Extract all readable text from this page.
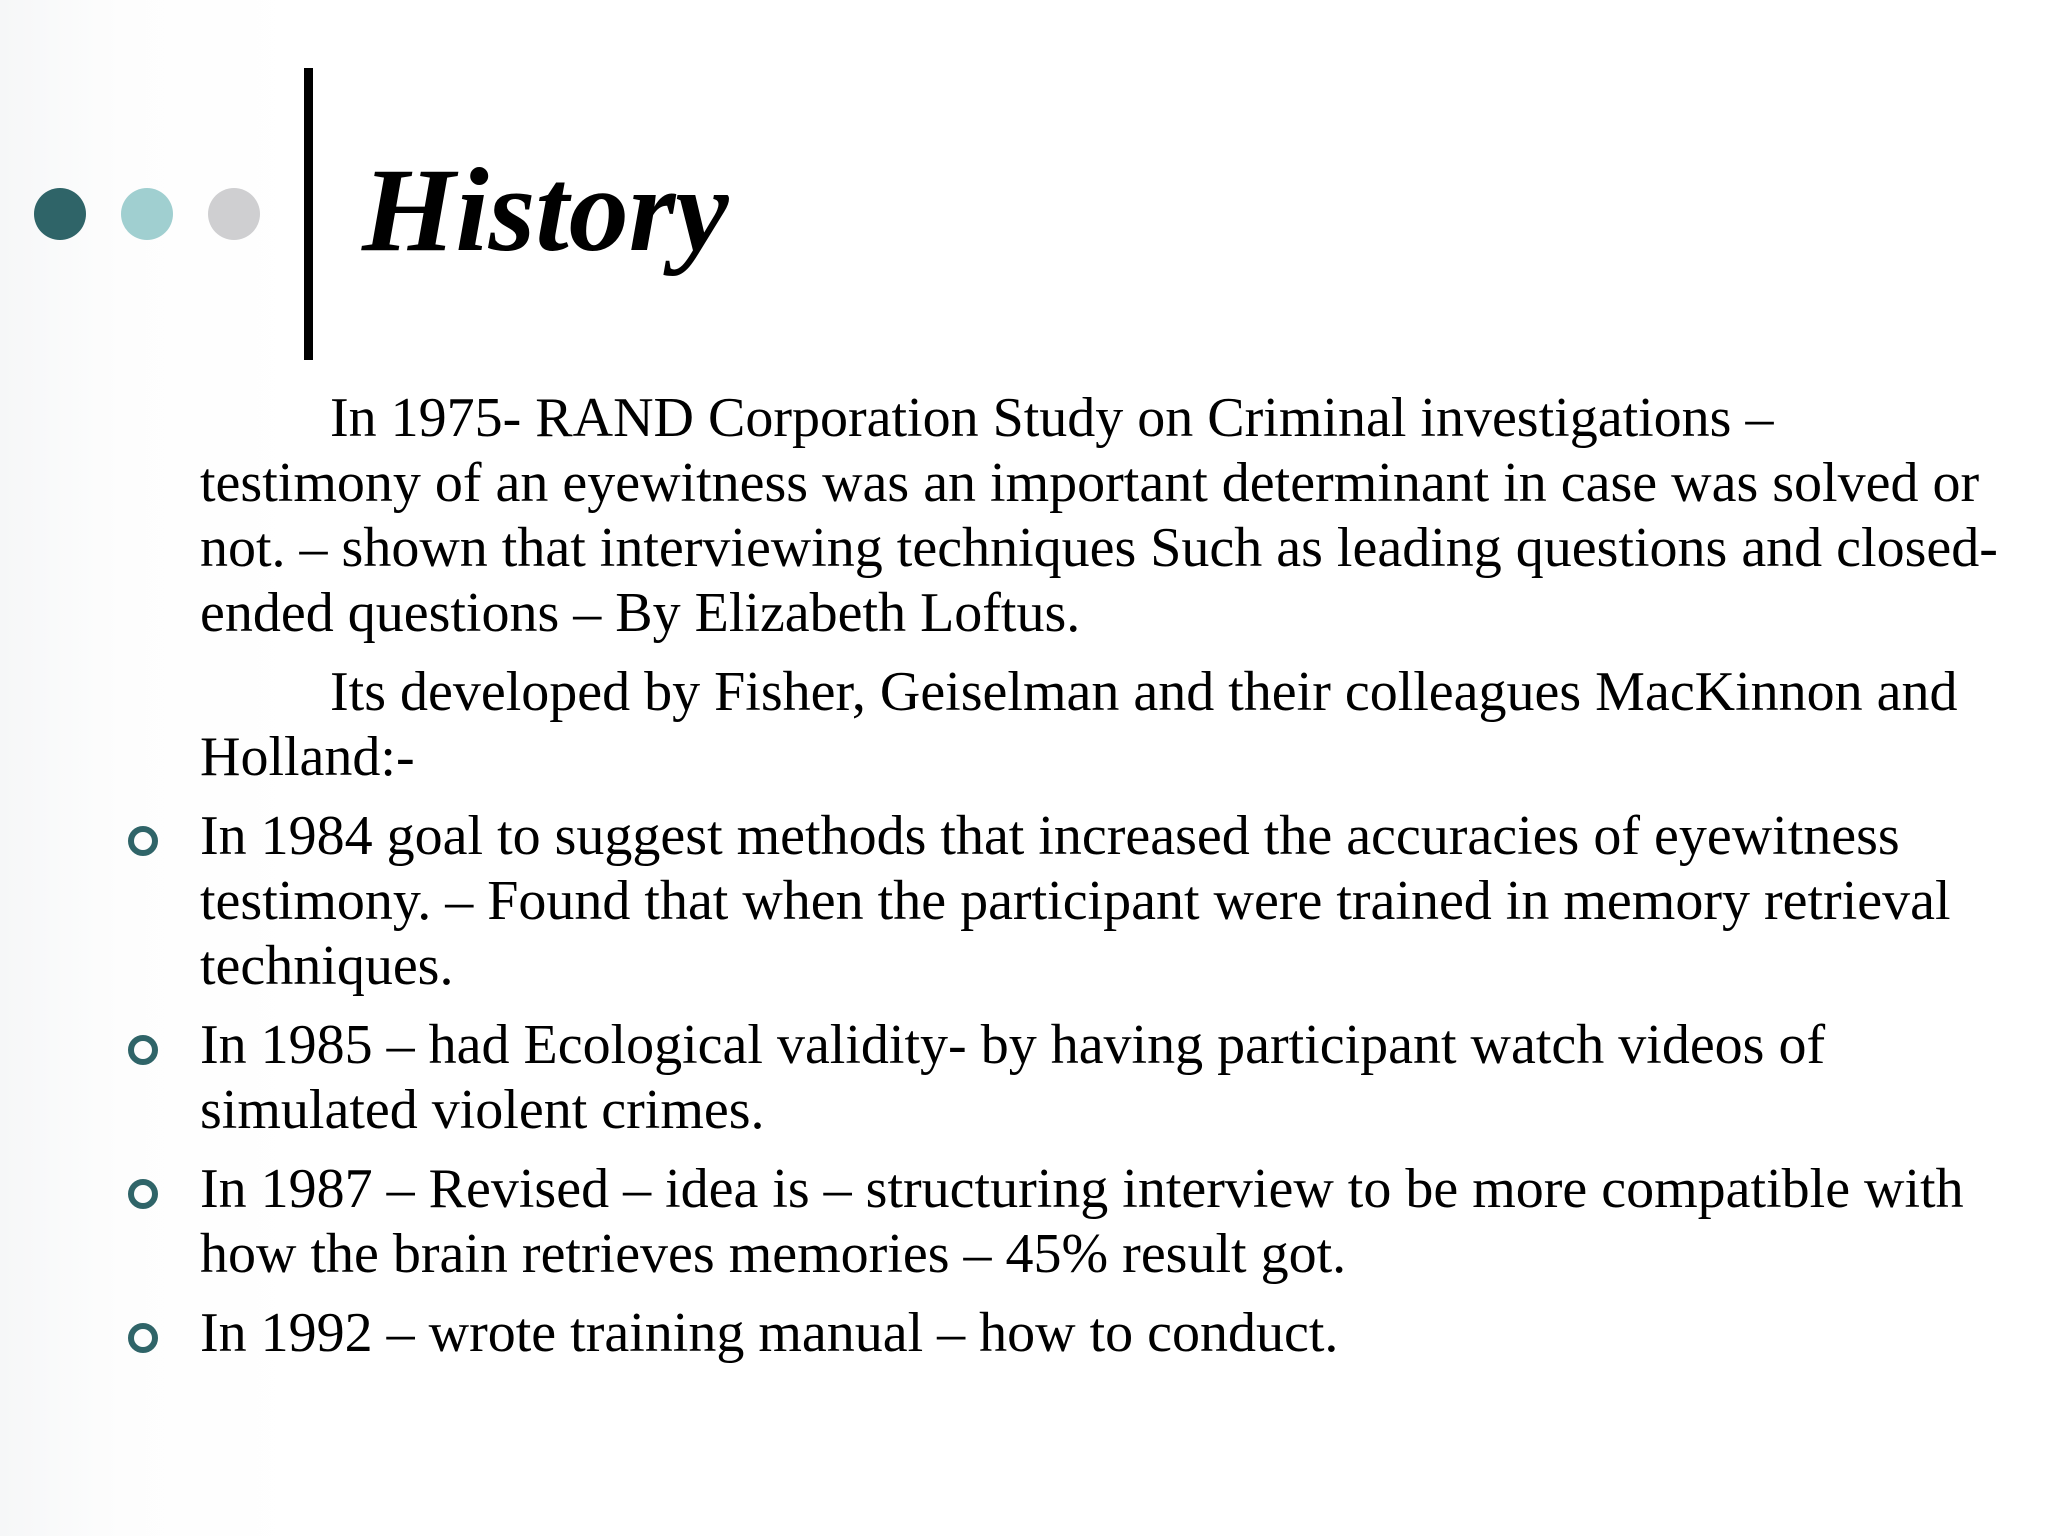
History

In 1975- RAND Corporation Study on Criminal investigations – testimony of an eyewitness was an important determinant in case was solved or not. – shown that interviewing techniques Such as leading questions and closed-ended questions – By Elizabeth Loftus.

Its developed by Fisher, Geiselman and their colleagues MacKinnon and Holland:-

In 1984 goal to suggest methods that increased the accuracies of eyewitness testimony. – Found that when the participant were trained in memory retrieval techniques.
In 1985 – had Ecological validity- by having participant watch videos of simulated violent crimes.
In 1987 – Revised – idea is – structuring interview to be more compatible with how the brain retrieves memories – 45% result got.
In 1992 – wrote training manual – how to conduct.
